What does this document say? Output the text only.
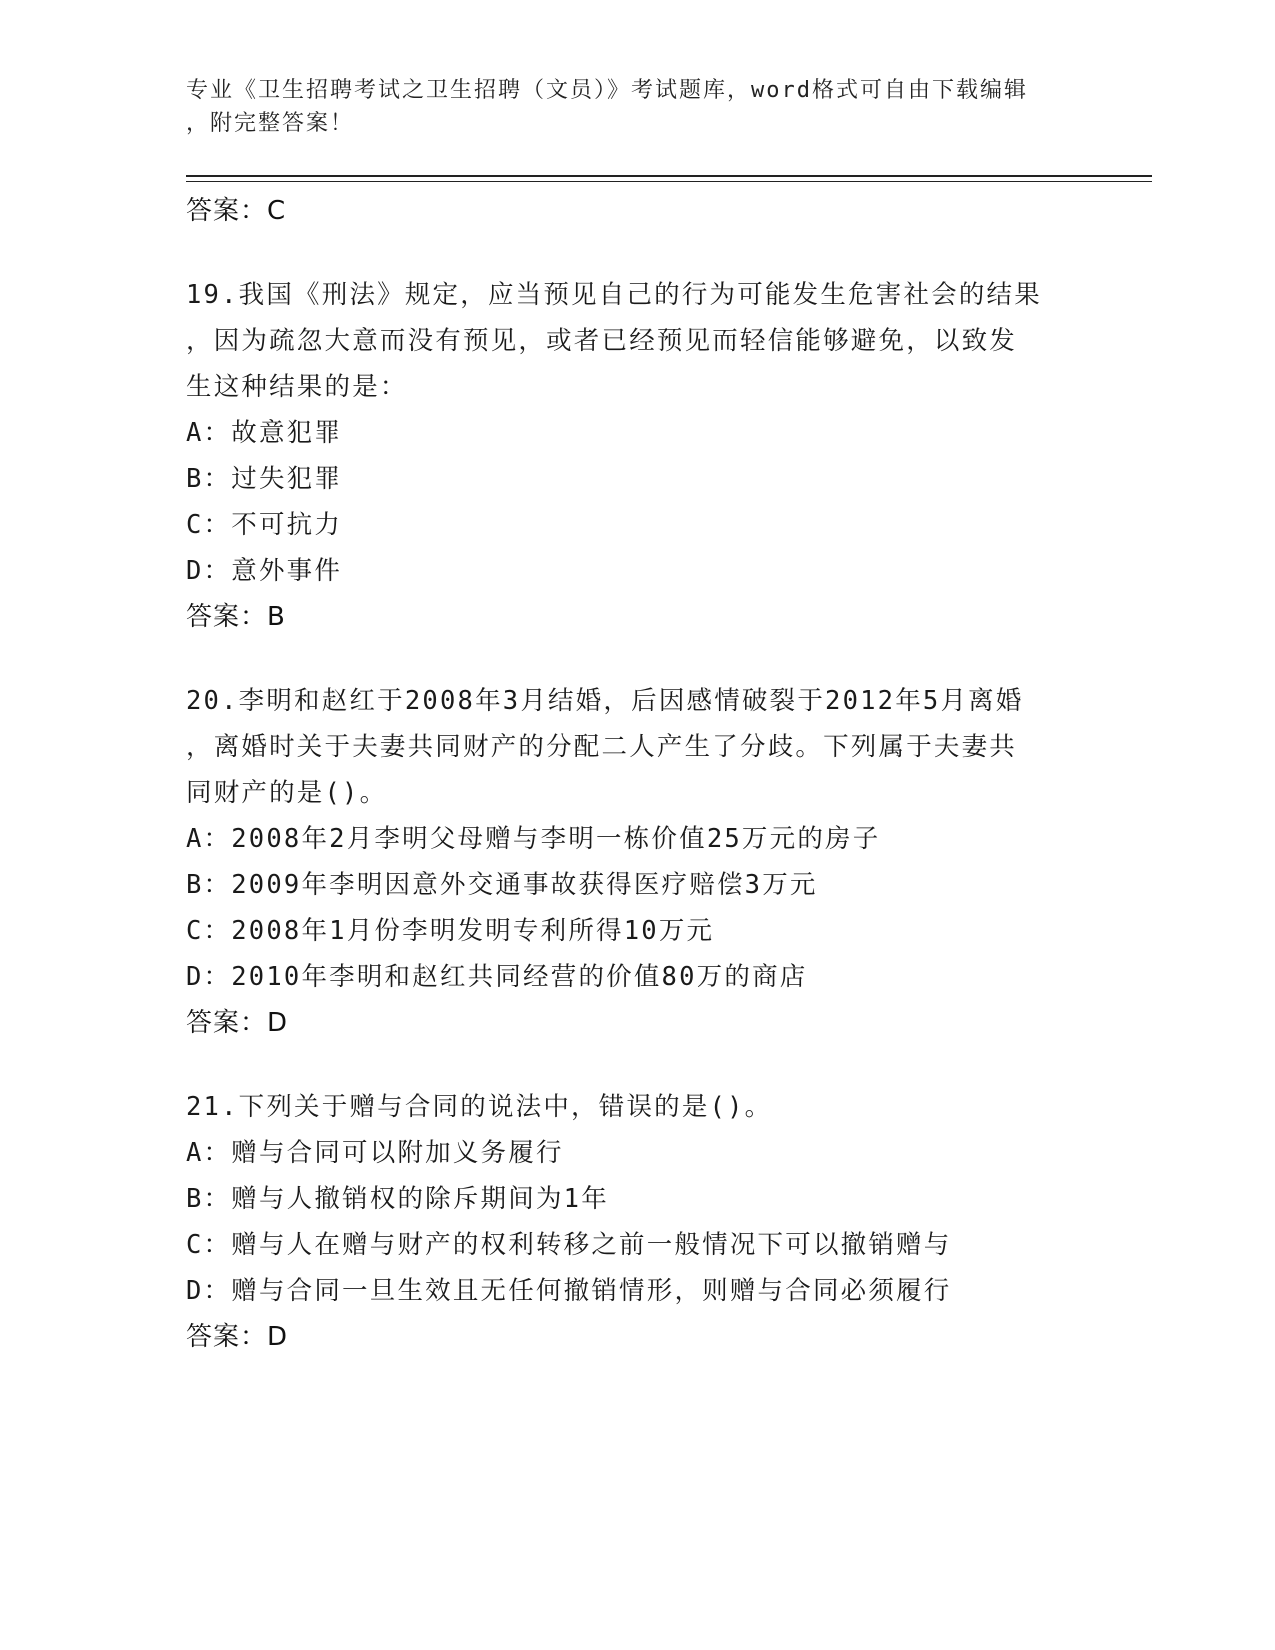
专业《卫生招聘考试之卫生招聘（文员）》考试题库，word格式可自由下载编辑
，附完整答案！
答案：C
19.我国《刑法》规定，应当预见自己的行为可能发生危害社会的结果
，因为疏忽大意而没有预见，或者已经预见而轻信能够避免，以致发
生这种结果的是：
A：故意犯罪
B：过失犯罪
C：不可抗力
D：意外事件
答案：B
20.李明和赵红于2008年3月结婚，后因感情破裂于2012年5月离婚
，离婚时关于夫妻共同财产的分配二人产生了分歧。下列属于夫妻共
同财产的是()。
A：2008年2月李明父母赠与李明一栋价值25万元的房子
B：2009年李明因意外交通事故获得医疗赔偿3万元
C：2008年1月份李明发明专利所得10万元
D：2010年李明和赵红共同经营的价值80万的商店
答案：D
21.下列关于赠与合同的说法中，错误的是()。
A：赠与合同可以附加义务履行
B：赠与人撤销权的除斥期间为1年
C：赠与人在赠与财产的权利转移之前一般情况下可以撤销赠与
D：赠与合同一旦生效且无任何撤销情形，则赠与合同必须履行
答案：D
